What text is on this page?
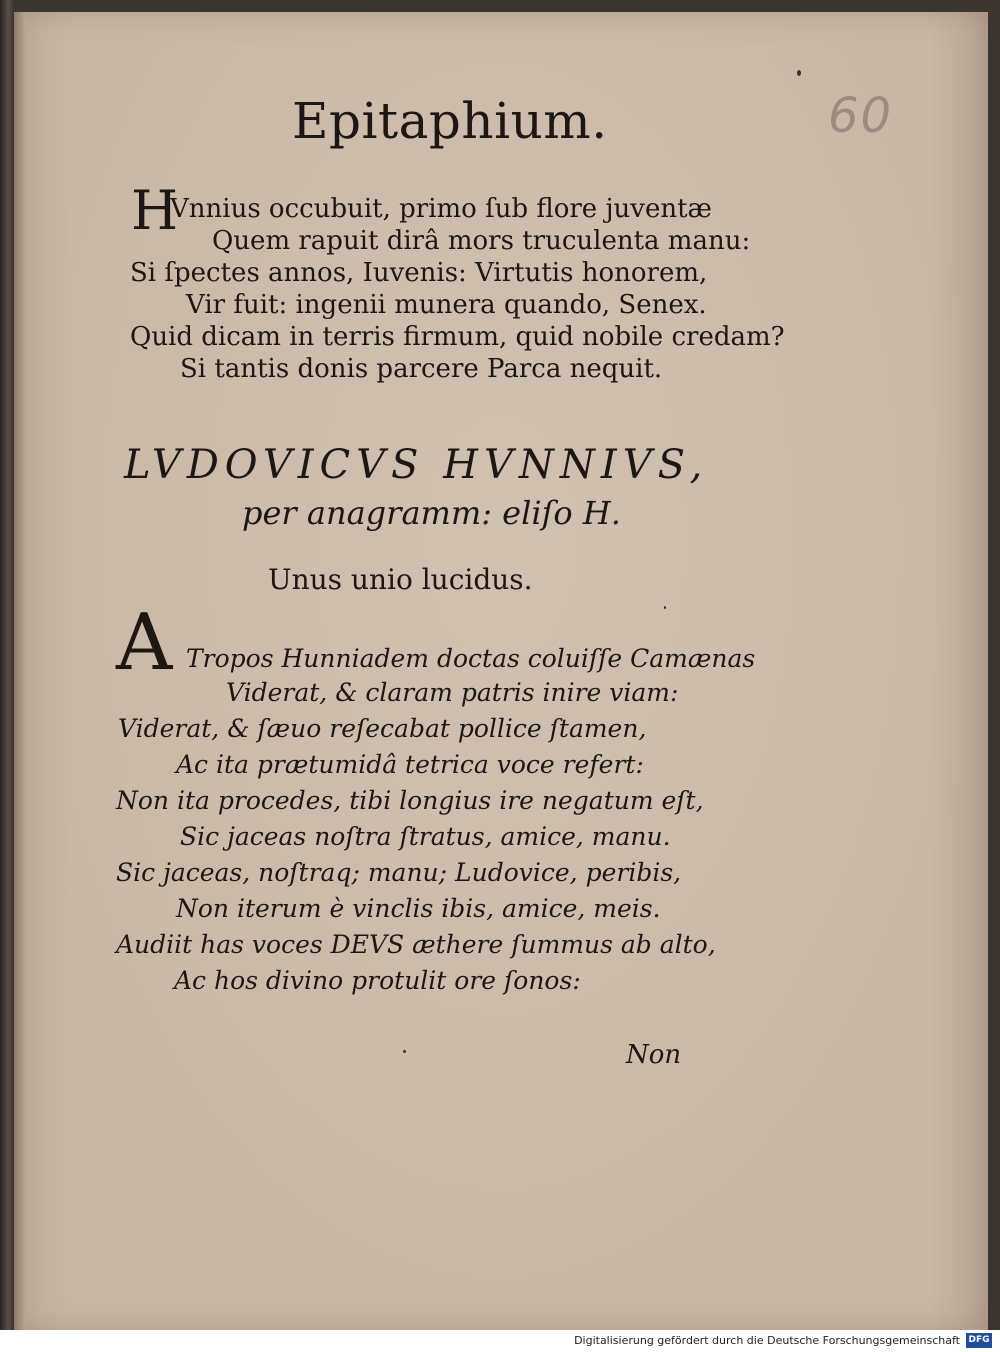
60
Epitaphium.
H
Vnnius occubuit, primo ſub flore juventæ
Quem rapuit dirâ mors truculenta manu:
Si ſpectes annos, Iuvenis: Virtutis honorem,
Vir fuit: ingenii munera quando, Senex.
Quid dicam in terris firmum, quid nobile credam?
Si tantis donis parcere Parca nequit.
LVDOVICVS HVNNIVS,
per anagramm: eliſo H.
Unus unio lucidus.
A Tropos Hunniadem doctas coluiſſe Camænas
Viderat, & claram patris inire viam:
Viderat, & ſæuo reſecabat pollice ſtamen,
Ac ita prætumidâ tetrica voce refert:
Non ita procedes, tibi longius ire negatum eſt,
Sic jaceas noſtra ſtratus, amice, manu.
Sic jaceas, noſtraq; manu; Ludovice, peribis,
Non iterum è vinclis ibis, amice, meis.
Audiit has voces DEVS æthere ſummus ab alto,
Ac hos divino protulit ore ſonos:
Non
Digitalisierung gefördert durch die Deutsche Forschungsgemeinschaft DFG
